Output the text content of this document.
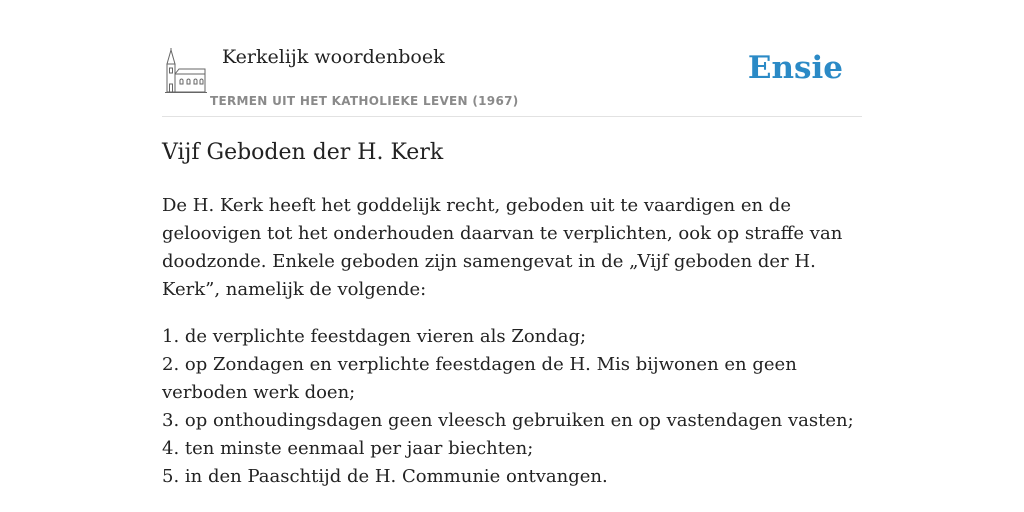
Kerkelijk woordenboek
TERMEN UIT HET KATHOLIEKE LEVEN (1967)
Ensie
Vijf Geboden der H. Kerk

De H. Kerk heeft het goddelijk recht, geboden uit te vaardigen en de geloovigen tot het onderhouden daarvan te verplichten, ook op straffe van doodzonde. Enkele geboden zijn samengevat in de „Vijf geboden der H. Kerk”, namelijk de volgende:

1. de verplichte feestdagen vieren als Zondag;
2. op Zondagen en verplichte feestdagen de H. Mis bijwonen en geen verboden werk doen;
3. op onthoudingsdagen geen vleesch gebruiken en op vastendagen vasten;
4. ten minste eenmaal per jaar biechten;
5. in den Paaschtijd de H. Communie ontvangen.
